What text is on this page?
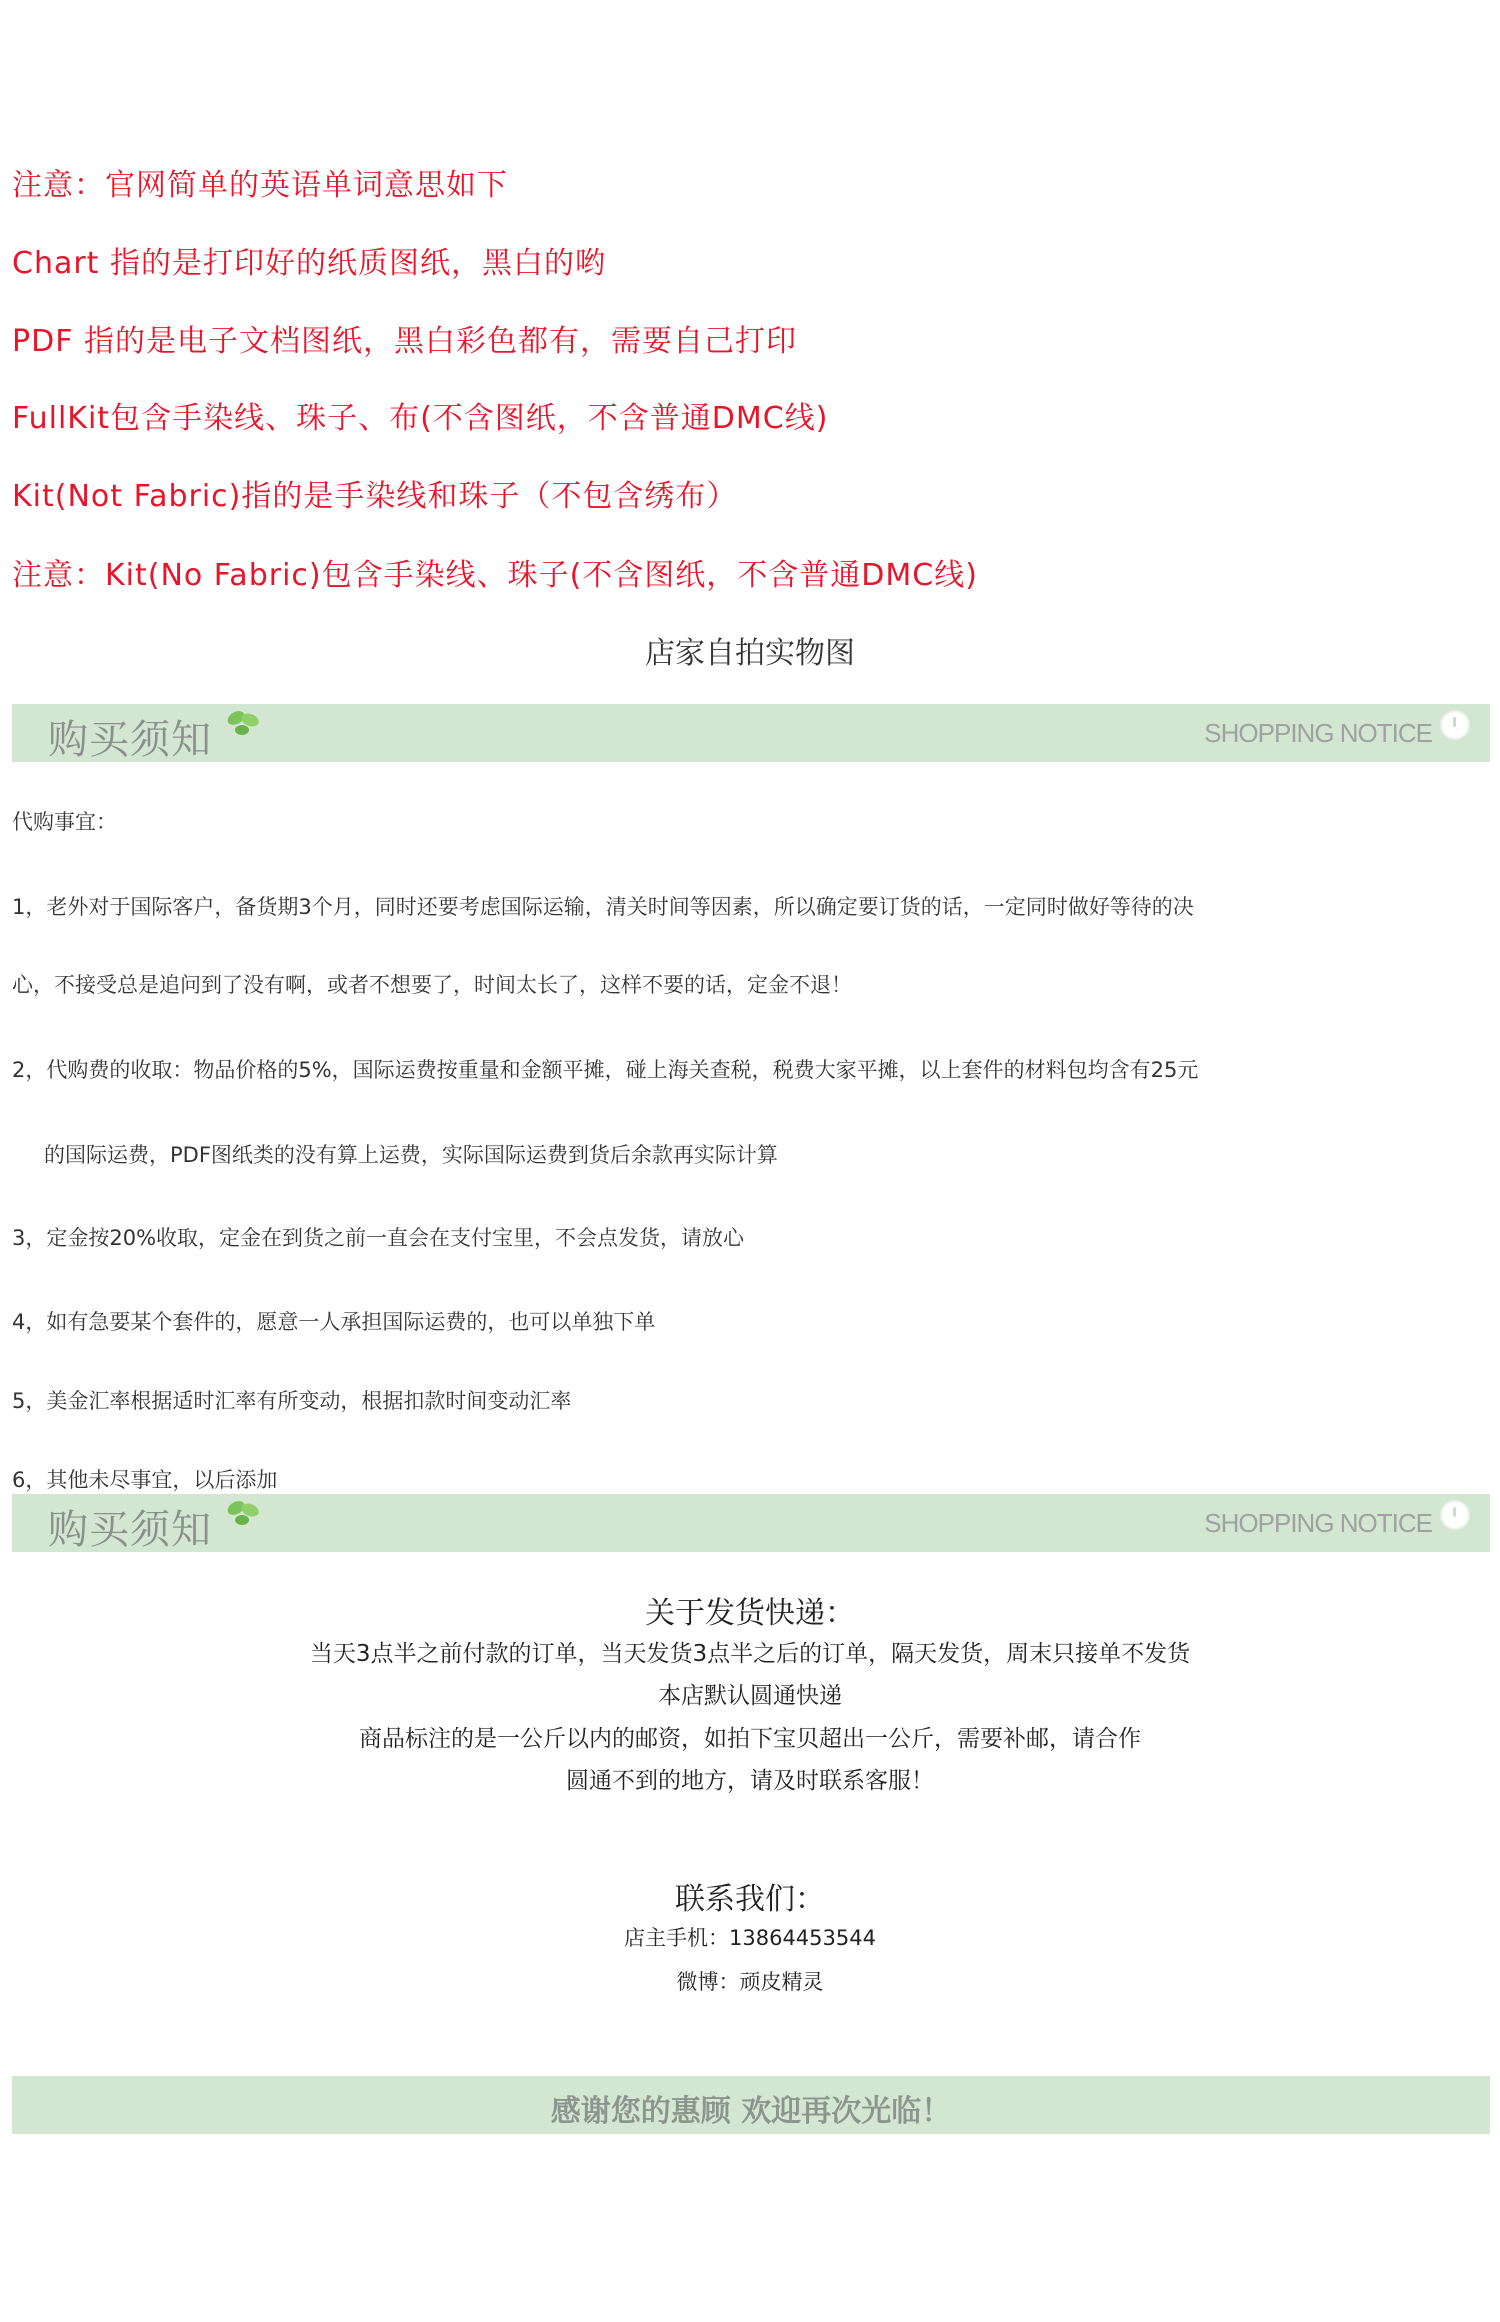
注意：官网简单的英语单词意思如下
Chart 指的是打印好的纸质图纸，黑白的哟
PDF 指的是电子文档图纸，黑白彩色都有，需要自己打印
FullKit包含手染线、珠子、布(不含图纸，不含普通DMC线)
Kit(Not Fabric)指的是手染线和珠子（不包含绣布）
注意：Kit(No Fabric)包含手染线、珠子(不含图纸，不含普通DMC线)
店家自拍实物图
购买须知	SHOPPING NOTICE
代购事宜：
1，老外对于国际客户，备货期3个月，同时还要考虑国际运输，清关时间等因素，所以确定要订货的话，一定同时做好等待的决
心，不接受总是追问到了没有啊，或者不想要了，时间太长了，这样不要的话，定金不退！
2，代购费的收取：物品价格的5%，国际运费按重量和金额平摊，碰上海关查税，税费大家平摊，以上套件的材料包均含有25元
的国际运费，PDF图纸类的没有算上运费，实际国际运费到货后余款再实际计算
3，定金按20%收取，定金在到货之前一直会在支付宝里，不会点发货，请放心
4，如有急要某个套件的，愿意一人承担国际运费的，也可以单独下单
5，美金汇率根据适时汇率有所变动，根据扣款时间变动汇率
6，其他未尽事宜，以后添加
购买须知	SHOPPING NOTICE
关于发货快递：
当天3点半之前付款的订单，当天发货3点半之后的订单，隔天发货，周末只接单不发货
本店默认圆通快递
商品标注的是一公斤以内的邮资，如拍下宝贝超出一公斤，需要补邮，请合作
圆通不到的地方，请及时联系客服！
联系我们：
店主手机：13864453544
微博：顽皮精灵
感谢您的惠顾 欢迎再次光临！
